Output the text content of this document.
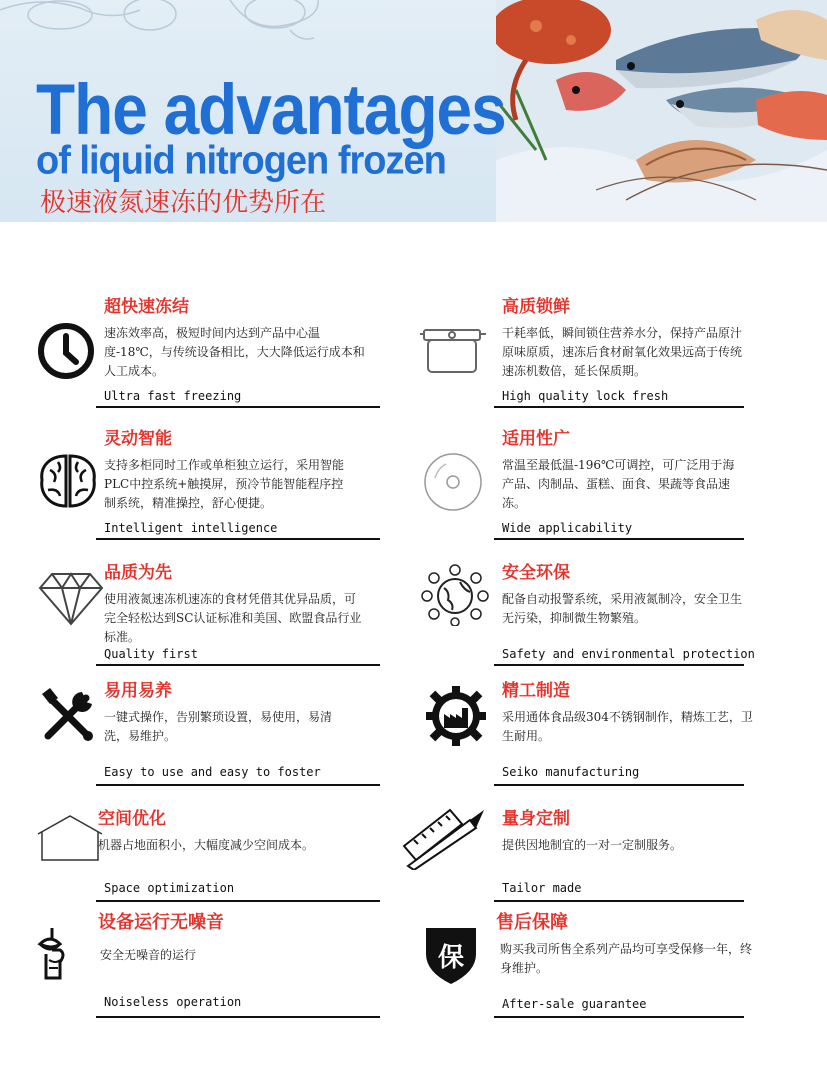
The advantages
of liquid nitrogen frozen
极速液氮速冻的优势所在
超快速冻结
速冻效率高，极短时间内达到产品中心温度-18℃，与传统设备相比，大大降低运行成本和人工成本。
Ultra fast freezing
高质锁鲜
干耗率低，瞬间锁住营养水分，保持产品原汁原味原质，速冻后食材耐氧化效果远高于传统速冻机数倍，延长保质期。
High quality lock fresh
灵动智能
支持多柜同时工作或单柜独立运行，采用智能PLC中控系统+触摸屏，预冷节能智能程序控制系统，精准操控，舒心便捷。
Intelligent intelligence
适用性广
常温至最低温-196℃可调控，可广泛用于海产品、肉制品、蛋糕、面食、果蔬等食品速冻。
Wide applicability
品质为先
使用液氮速冻机速冻的食材凭借其优异品质，可完全轻松达到SC认证标准和美国、欧盟食品行业标准。
Quality first
安全环保
配备自动报警系统，采用液氮制冷，安全卫生无污染，抑制微生物繁殖。
Safety and environmental protection
易用易养
一键式操作，告别繁琐设置，易使用，易清洗，易维护。
Easy to use and easy to foster
精工制造
采用通体食品级304不锈钢制作，精炼工艺，卫生耐用。
Seiko manufacturing
空间优化
机器占地面积小，大幅度减少空间成本。
Space optimization
量身定制
提供因地制宜的一对一定制服务。
Tailor made
设备运行无噪音
安全无噪音的运行
Noiseless operation
保
售后保障
购买我司所售全系列产品均可享受保修一年，终身维护。
After-sale guarantee
